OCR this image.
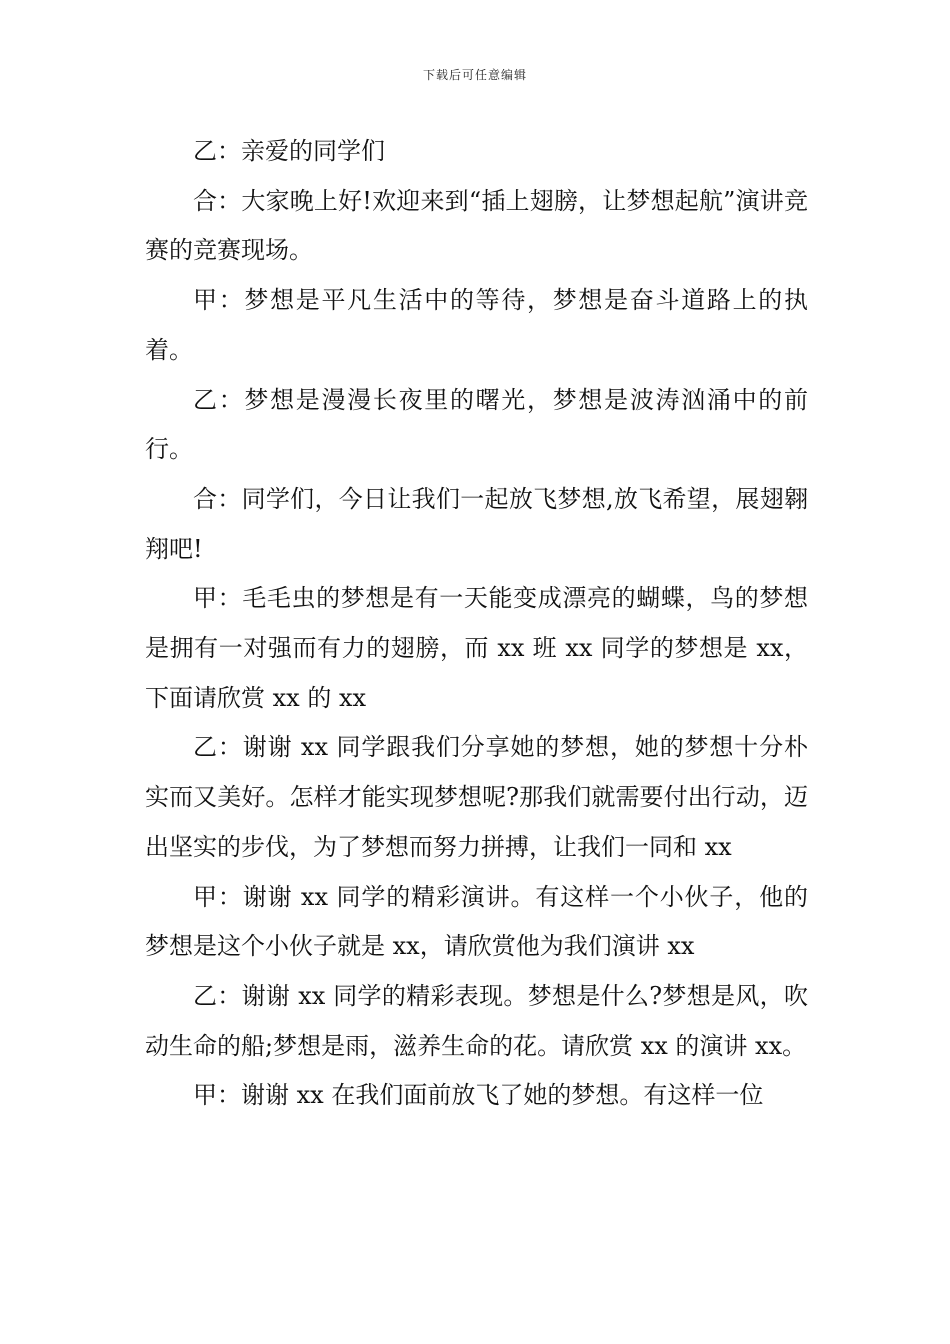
下载后可任意编辑

乙：亲爱的同学们

合：大家晚上好!欢迎来到“插上翅膀，让梦想起航”演讲竞赛的竞赛现场。

甲：梦想是平凡生活中的等待，梦想是奋斗道路上的执着。

乙：梦想是漫漫长夜里的曙光，梦想是波涛汹涌中的前行。

合：同学们，今日让我们一起放飞梦想,放飞希望，展翅翱翔吧!

甲：毛毛虫的梦想是有一天能变成漂亮的蝴蝶，鸟的梦想是拥有一对强而有力的翅膀，而 xx 班 xx 同学的梦想是 xx，下面请欣赏 xx 的 xx

乙：谢谢 xx 同学跟我们分享她的梦想，她的梦想十分朴实而又美好。怎样才能实现梦想呢?那我们就需要付出行动，迈出坚实的步伐，为了梦想而努力拼搏，让我们一同和 xx

甲：谢谢 xx 同学的精彩演讲。有这样一个小伙子，他的梦想是这个小伙子就是 xx，请欣赏他为我们演讲 xx

乙：谢谢 xx 同学的精彩表现。梦想是什么?梦想是风，吹动生命的船;梦想是雨，滋养生命的花。请欣赏 xx 的演讲 xx。

甲：谢谢 xx 在我们面前放飞了她的梦想。有这样一位
